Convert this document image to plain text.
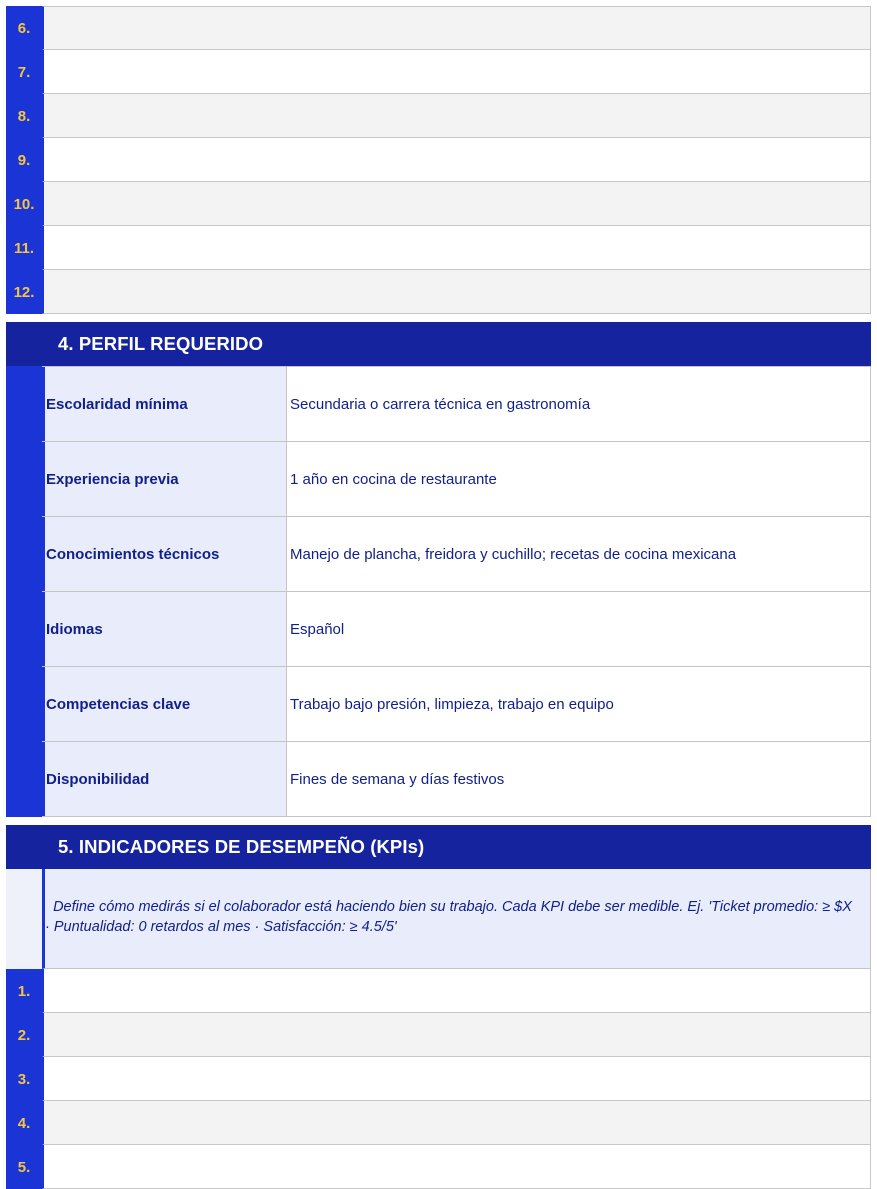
6.
7.
8.
9.
10.
11.
12.
4. PERFIL REQUERIDO
Escolaridad mínima	Secundaria o carrera técnica en gastronomía
Experiencia previa	1 año en cocina de restaurante
Conocimientos técnicos	Manejo de plancha, freidora y cuchillo; recetas de cocina mexicana
Idiomas	Español
Competencias clave	Trabajo bajo presión, limpieza, trabajo en equipo
Disponibilidad	Fines de semana y días festivos
5. INDICADORES DE DESEMPEÑO (KPIs)
Define cómo medirás si el colaborador está haciendo bien su trabajo. Cada KPI debe ser medible. Ej. 'Ticket promedio: ≥ $X · Puntualidad: 0 retardos al mes · Satisfacción: ≥ 4.5/5'
1.
2.
3.
4.
5.
